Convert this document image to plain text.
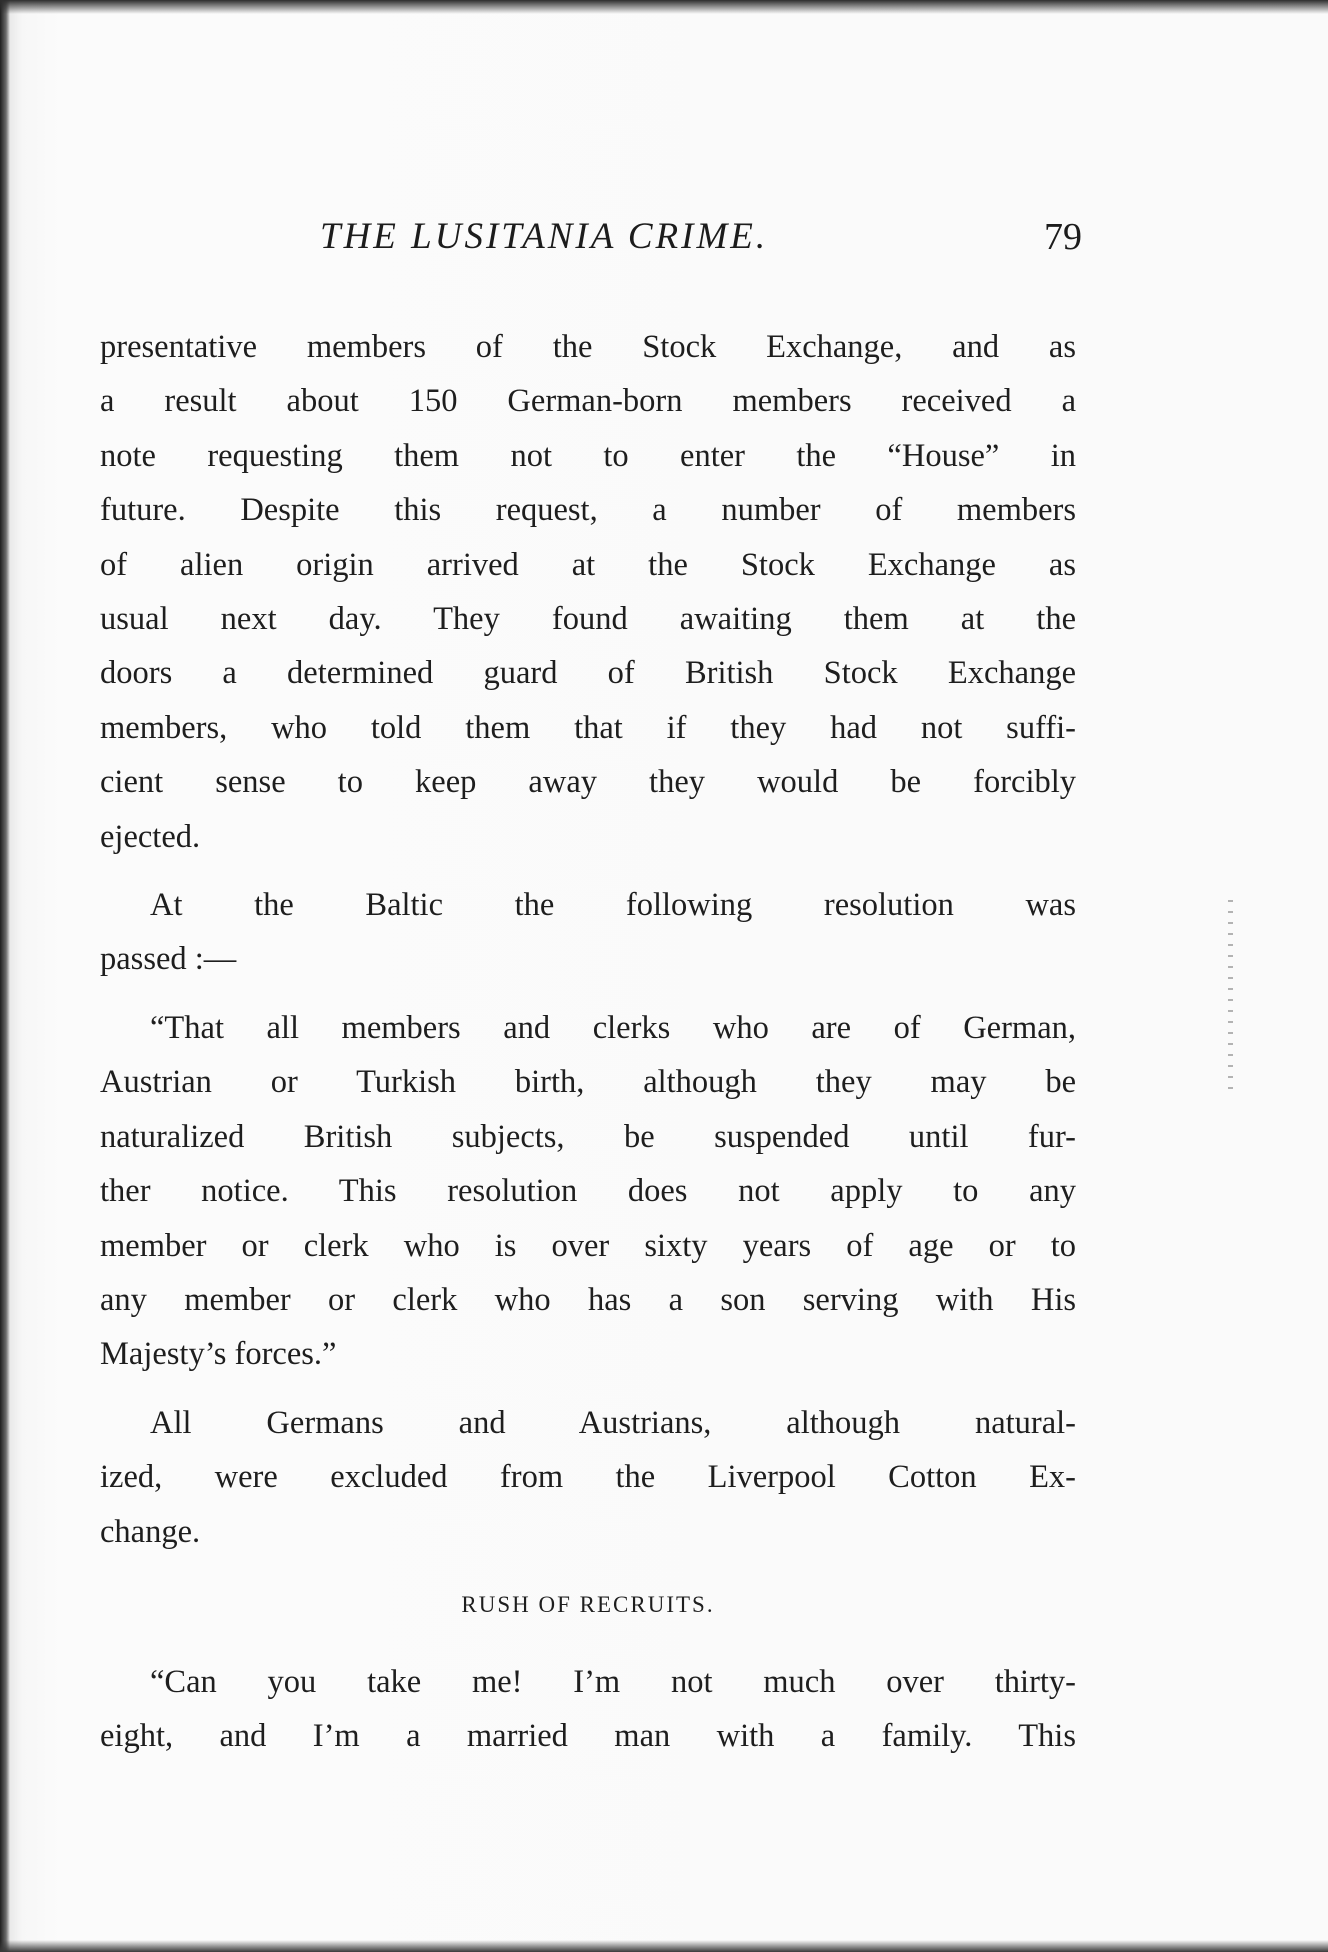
THE LUSITANIA CRIME.	79
presentative members of the Stock Exchange, and as
a result about 150 German-born members received a
note requesting them not to enter the “House” in
future. Despite this request, a number of members
of alien origin arrived at the Stock Exchange as
usual next day. They found awaiting them at the
doors a determined guard of British Stock Exchange
members, who told them that if they had not suffi-
cient sense to keep away they would be forcibly
ejected.
At the Baltic the following resolution was
passed :—
“That all members and clerks who are of German,
Austrian or Turkish birth, although they may be
naturalized British subjects, be suspended until fur-
ther notice. This resolution does not apply to any
member or clerk who is over sixty years of age or to
any member or clerk who has a son serving with His
Majesty’s forces.”
All Germans and Austrians, although natural-
ized, were excluded from the Liverpool Cotton Ex-
change.
RUSH OF RECRUITS.
“Can you take me! I’m not much over thirty-
eight, and I’m a married man with a family. This
